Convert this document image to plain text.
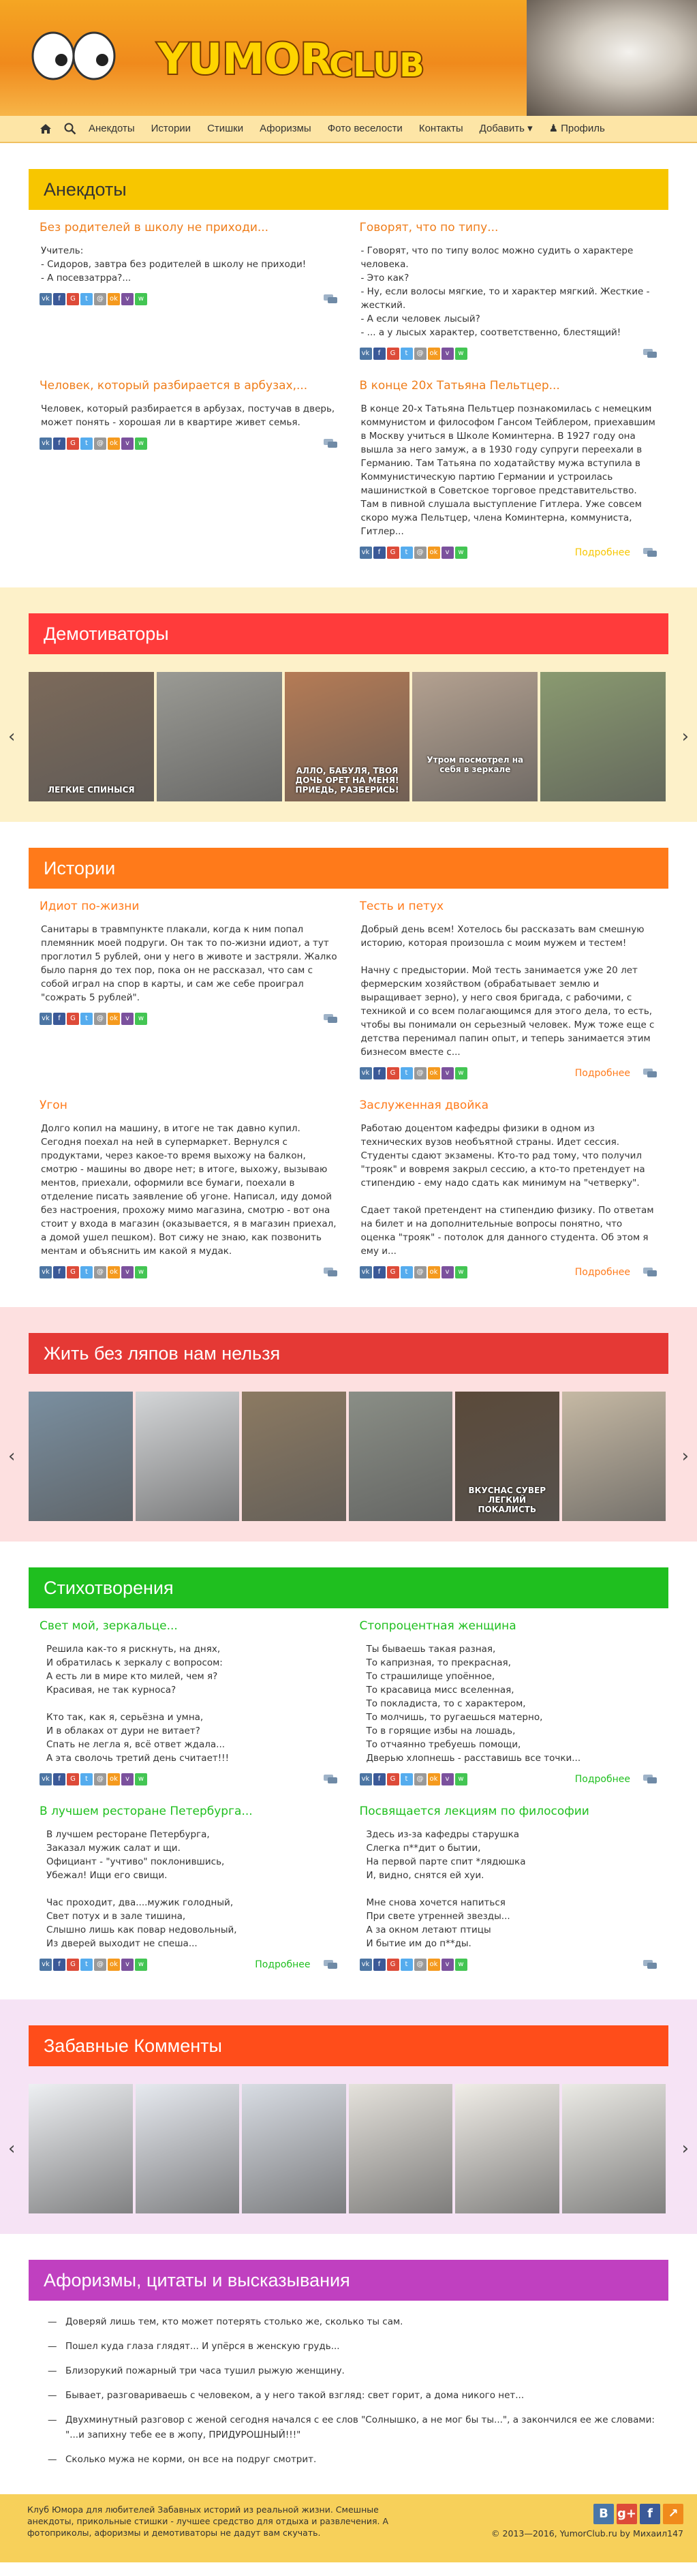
YUMOR
CLUB
Анекдоты	Истории	Стишки	Афоризмы	Фото веселости	Контакты	Добавить ▾	♟ Профиль
Анекдоты
Без родителей в школу не приходи...
Учитель:
- Сидоров, завтра без родителей в школу не приходи!
- А посевзатрра?...
vk	f	G	t	@ ok	v	w
Говорят, что по типу...
- Говорят, что по типу волос можно судить о характере человека.
- Это как?
- Ну, если волосы мягкие, то и характер мягкий. Жесткие - жесткий.
- А если человек лысый?
- ... а у лысых характер, соответственно, блестящий!
vk	f	G	t	@ ok	v	w
Человек, который разбирается в арбузах,...
Человек, который разбирается в арбузах, постучав в дверь, может понять - хорошая ли в квартире живет семья.
vk	f	G	t	@ ok	v	w
В конце 20х Татьяна Пельтцер...
В конце 20-х Татьяна Пельтцер познакомилась с немецким коммунистом и философом Гансом Тейблером, приехавшим в Москву учиться в Школе Коминтерна. В 1927 году она вышла за него замуж, а в 1930 году супруги переехали в Германию. Там Татьяна по ходатайству мужа вступила в Коммунистическую партию Германии и устроилась машинисткой в Советское торговое представительство. Там в пивной слушала выступление Гитлера. Уже совсем скоро мужа Пельтцер, члена Коминтерна, коммуниста, Гитлер...
vk	f	G	t	@ ok	v	w	Подробнее
Демотиваторы
ЛЕГКИЕ СПИНЫСЯ
АЛЛО, БАБУЛЯ, ТВОЯ ДОЧЬ ОРЕТ НА МЕНЯ! ПРИЕДЬ, РАЗБЕРИСЬ!
Утром посмотрел на себя в зеркале
‹	›
Истории
Идиот по-жизни
Санитары в травмпункте плакали, когда к ним попал племянник моей подруги. Он так то по-жизни идиот, а тут проглотил 5 рублей, они у него в животе и застряли. Жалко было парня до тех пор, пока он не рассказал, что сам с собой играл на спор в карты, и сам же себе проиграл "сожрать 5 рублей".
vk	f	G	t	@ ok	v	w
Тесть и петух
Добрый день всем! Хотелось бы рассказать вам смешную историю, которая произошла с моим мужем и тестем!

Начну с предыстории. Мой тесть занимается уже 20 лет фермерским хозяйством (обрабатывает землю и выращивает зерно), у него своя бригада, с рабочими, с техникой и со всем полагающимся для этого дела, то есть, чтобы вы понимали он серьезный человек. Муж тоже еще с детства перенимал папин опыт, и теперь занимается этим бизнесом вместе с...
vk	f	G	t	@ ok	v	w	Подробнее
Угон
Долго копил на машину, в итоге не так давно купил. Сегодня поехал на ней в супермаркет. Вернулся с продуктами, через какое-то время выхожу на балкон, смотрю - машины во дворе нет; в итоге, выхожу, вызываю ментов, приехали, оформили все бумаги, поехали в отделение писать заявление об угоне. Написал, иду домой без настроения, прохожу мимо магазина, смотрю - вот она стоит у входа в магазин (оказывается, я в магазин приехал, а домой ушел пешком). Вот сижу не знаю, как позвонить ментам и объяснить им какой я мудак.
vk	f	G	t	@ ok	v	w
Заслуженная двойка
Работаю доцентом кафедры физики в одном из технических вузов необъятной страны. Идет сессия. Студенты сдают экзамены. Кто-то рад тому, что получил "трояк" и вовремя закрыл сессию, а кто-то претендует на стипендию - ему надо сдать как минимум на "четверку".

Сдает такой претендент на стипендию физику. По ответам на билет и на дополнительные вопросы понятно, что оценка "трояк" - потолок для данного студента. Об этом я ему и...
vk	f	G	t	@ ok	v	w	Подробнее
Жить без ляпов нам нельзя
ВКУСНАС СУВЕР ЛЕГКИЙ ПОКАЛИСТЬ
‹	›
Стихотворения
Свет мой, зеркальце...
Решила как-то я рискнуть, на днях,
И обратилась к зеркалу с вопросом:
А есть ли в мире кто милей, чем я?
Красивая, не так курноса?

Кто так, как я, серьёзна и умна,
И в облаках от дури не витает?
Спать не легла я, всё ответ ждала...
А эта сволочь третий день считает!!!
vk	f	G	t	@ ok	v	w
Стопроцентная женщина
Ты бываешь такая разная,
То капризная, то прекрасная,
То страшилище упоённое,
То красавица мисс вселенная,
То покладиста, то с характером,
То молчишь, то ругаешься матерно,
То в горящие избы на лошадь,
То отчаянно требуешь помощи,
Дверью хлопнешь - расставишь все точки...
vk	f	G	t	@ ok	v	w	Подробнее
В лучшем ресторане Петербурга...
В лучшем ресторане Петербурга,
Заказал мужик салат и щи.
Официант - "учтиво" поклонившись,
Убежал! Ищи его свищи.

Час проходит, два....мужик голодный,
Свет потух и в зале тишина,
Слышно лишь как повар недовольный,
Из дверей выходит не спеша...
vk	f	G	t	@ ok	v	w	Подробнее
Посвящается лекциям по философии
Здесь из-за кафедры старушка
Слегка п**дит о бытии,
На первой парте спит *лядюшка
И, видно, снятся ей хуи.

Мне снова хочется напиться
При свете утренней звезды...
А за окном летают птицы
И бытие им до п**ды.
vk	f	G	t	@ ok	v	w
Забавные Комменты
‹	›
Афоризмы, цитаты и высказывания
— Доверяй лишь тем, кто может потерять столько же, сколько ты сам.
— Пошел куда глаза глядят... И упёрся в женскую грудь...
— Близорукий пожарный три часа тушил рыжую женщину.
— Бывает, разговариваешь с человеком, а у него такой взгляд: свет горит, а дома никого нет...
— Двухминутный разговор с женой сегодня начался с ее слов "Солнышко, а не мог бы ты...", а закончился ее же словами: "...и запихну тебе ее в жопу, ПРИДУРОШНЫЙ!!!"
— Сколько мужа не корми, он все на подруг смотрит.
Клуб Юмора для любителей Забавных историй из реальной жизни. Смешные анекдоты, прикольные стишки - лучшее средство для отдыха и развлечения. А фотоприколы, афоризмы и демотиваторы не дадут вам скучать.
B g+ f	↗
© 2013—2016, YumorClub.ru by Михаил147
